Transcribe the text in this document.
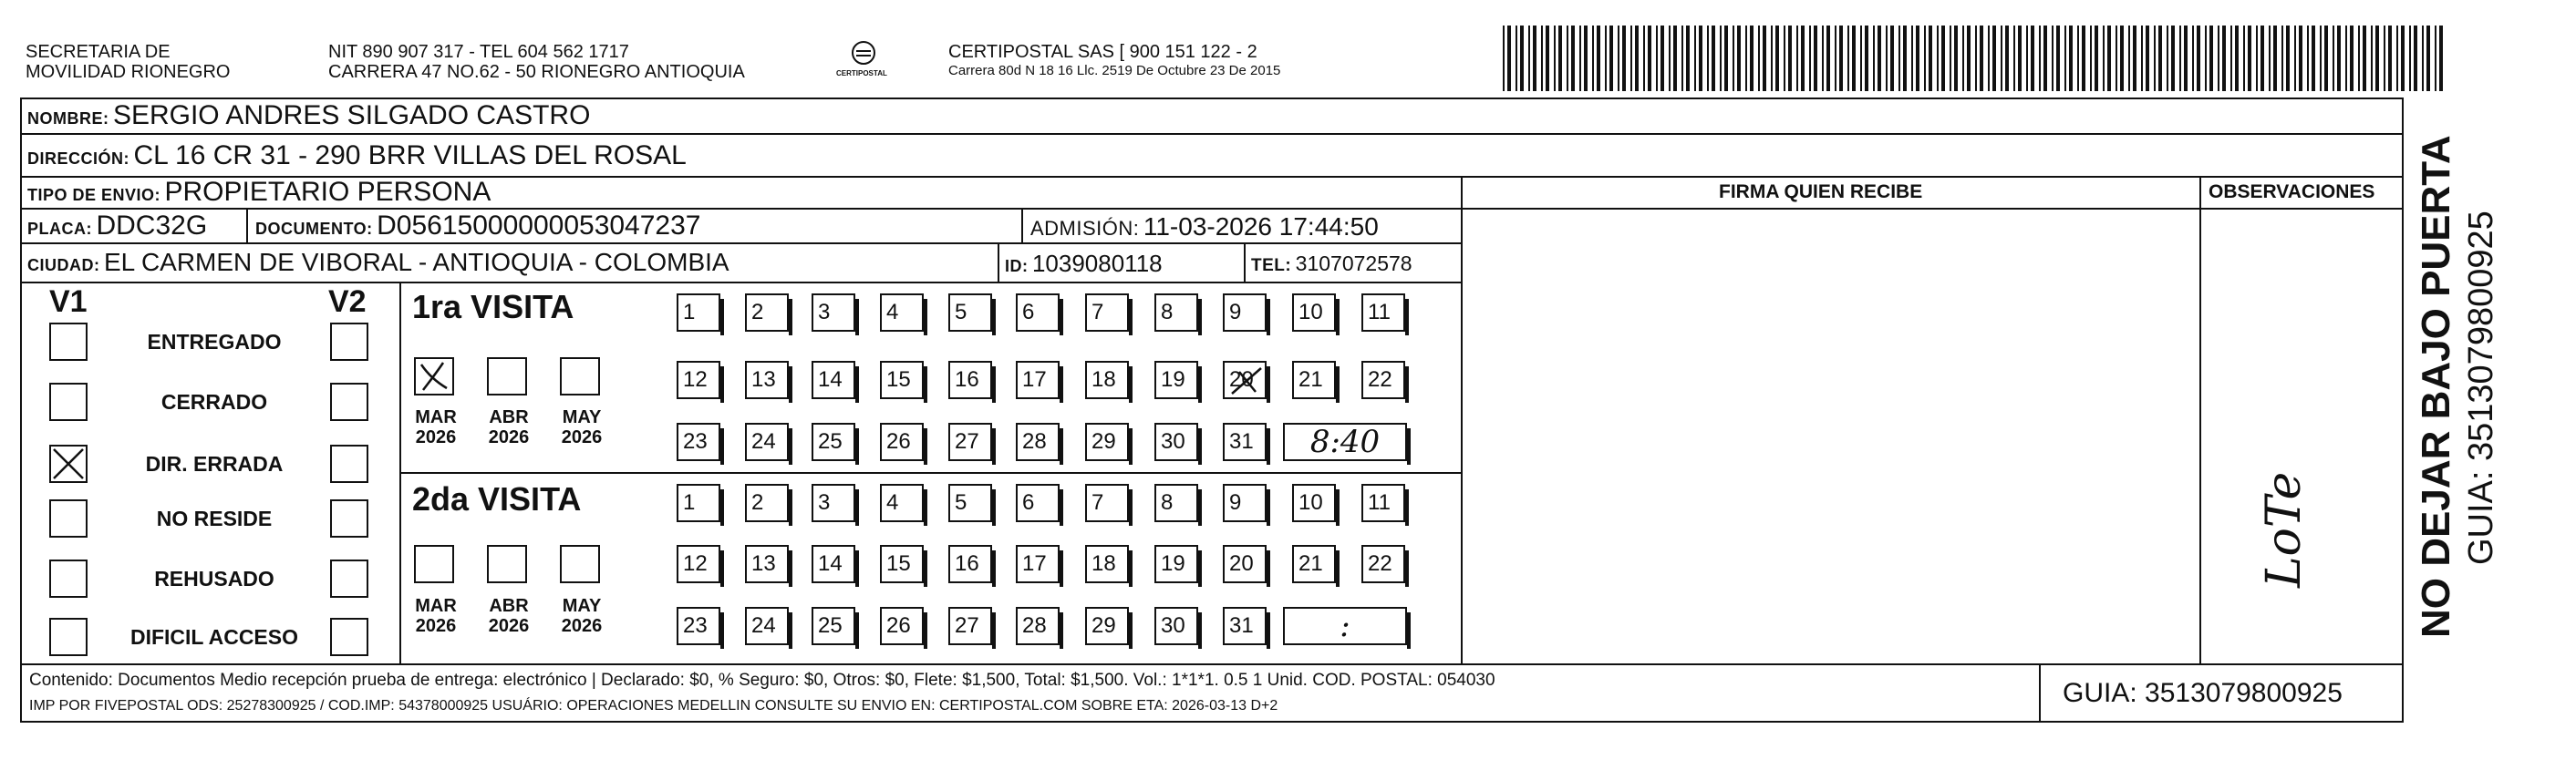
SECRETARIA DE
MOVILIDAD RIONEGRO
NIT 890 907 317 - TEL 604 562 1717
CARRERA 47 NO.62 - 50 RIONEGRO ANTIOQUIA	CERTIPOSTAL
CERTIPOSTAL SAS [ 900 151 122 - 2
Carrera 80d N 18 16 Llc. 2519 De Octubre 23 De 2015
NOMBRE: SERGIO ANDRES SILGADO CASTRO
DIRECCIÓN: CL 16 CR 31 - 290 BRR VILLAS DEL ROSAL
TIPO DE ENVIO: PROPIETARIO PERSONA	FIRMA QUIEN RECIBE	OBSERVACIONES
PLACA: DDC32G	DOCUMENTO: D05615000000053047237	ADMISIÓN: 11-03-2026 17:44:50
CIUDAD: EL CARMEN DE VIBORAL - ANTIOQUIA - COLOMBIA	ID: 1039080118	TEL: 3107072578
V1	V2
ENTREGADO
CERRADO
DIR. ERRADA
NO RESIDE
REHUSADO
DIFICIL ACCESO
1ra VISITA
MAR
2026
ABR
2026
MAY
2026
1	2	3	4	5	6	7	8	9	10	11
12	13	14	15	16	17	18	19	20	21	22
23	24	25	26	27	28	29	30	31	8:40
2da VISITA
MAR
2026
ABR
2026
MAY
2026
1	2	3	4	5	6	7	8	9	10	11
12	13	14	15	16	17	18	19	20	21	22
23	24	25	26	27	28	29	30	31	:
LoTe
Contenido: Documentos Medio recepción prueba de entrega: electrónico | Declarado: $0, % Seguro: $0, Otros: $0, Flete: $1,500, Total: $1,500. Vol.: 1*1*1. 0.5 1 Unid. COD. POSTAL: 054030
IMP POR FIVEPOSTAL ODS: 25278300925 / COD.IMP: 54378000925 USUÁRIO: OPERACIONES MEDELLIN CONSULTE SU ENVIO EN: CERTIPOSTAL.COM SOBRE ETA: 2026-03-13 D+2	GUIA: 3513079800925
NO DEJAR BAJO PUERTA GUIA: 3513079800925
